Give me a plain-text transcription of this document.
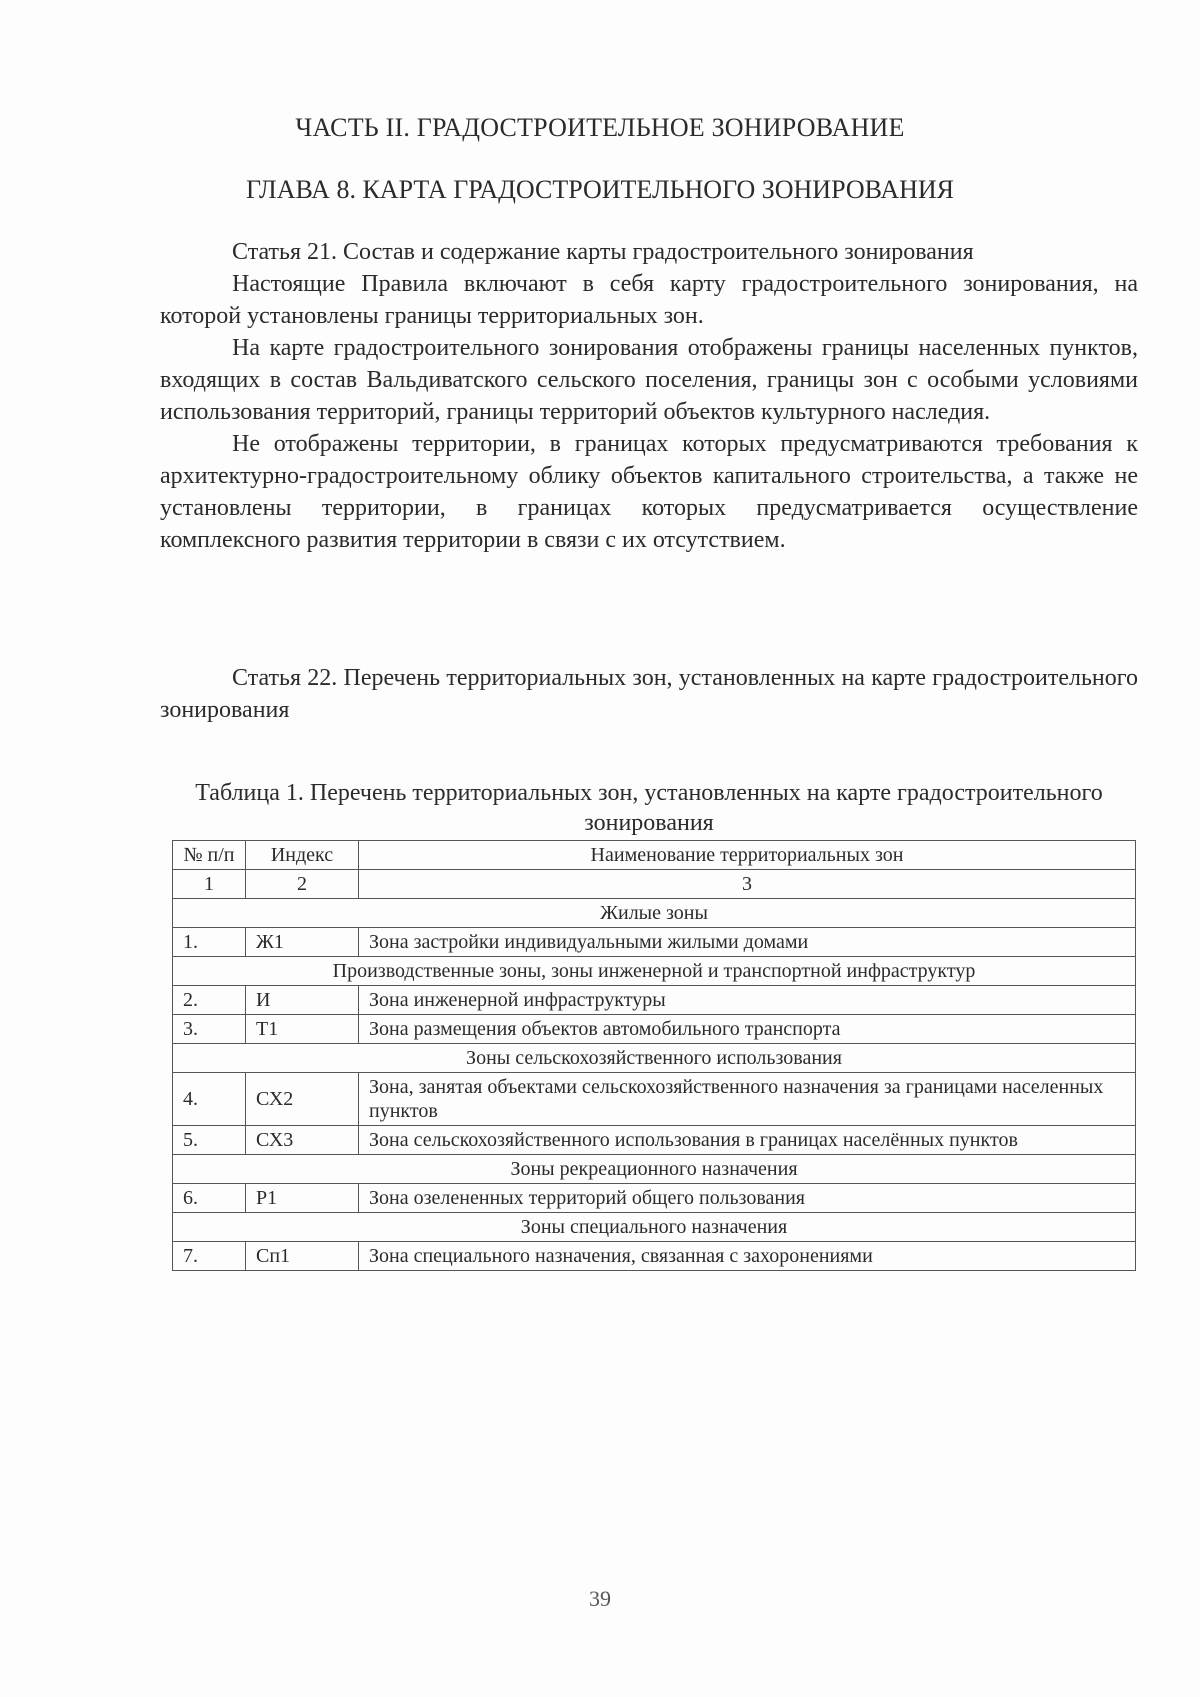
ЧАСТЬ II. ГРАДОСТРОИТЕЛЬНОЕ ЗОНИРОВАНИЕ
ГЛАВА 8. КАРТА ГРАДОСТРОИТЕЛЬНОГО ЗОНИРОВАНИЯ

Статья 21. Состав и содержание карты градостроительного зонирования

Настоящие Правила включают в себя карту градостроительного зонирования, на которой установлены границы территориальных зон.

На карте градостроительного зонирования отображены границы населенных пунктов, входящих в состав Вальдиватского сельского поселения, границы зон с особыми условиями использования территорий, границы территорий объектов культурного наследия.

Не отображены территории, в границах которых предусматриваются требования к архитектурно-градостроительному облику объектов капитального строительства, а также не установлены территории, в границах которых предусматривается осуществление комплексного развития территории в связи с их отсутствием.

Статья 22. Перечень территориальных зон, установленных на карте градостроительного зонирования

Таблица 1. Перечень территориальных зон, установленных на карте градостроительного зонирования
№ п/п	Индекс	Наименование территориальных зон
1	2	3
Жилые зоны		
1.	Ж1	Зона застройки индивидуальными жилыми домами
Производственные зоны, зоны инженерной и транспортной инфраструктур		
2.	И	Зона инженерной инфраструктуры
3.	Т1	Зона размещения объектов автомобильного транспорта
Зоны сельскохозяйственного использования		
4.	СХ2	Зона, занятая объектами сельскохозяйственного назначения за границами населенных пунктов
5.	СХ3	Зона сельскохозяйственного использования в границах населённых пунктов
Зоны рекреационного назначения		
6.	Р1	Зона озелененных территорий общего пользования
Зоны специального назначения		
7.	Сп1	Зона специального назначения, связанная с захоронениями
39
